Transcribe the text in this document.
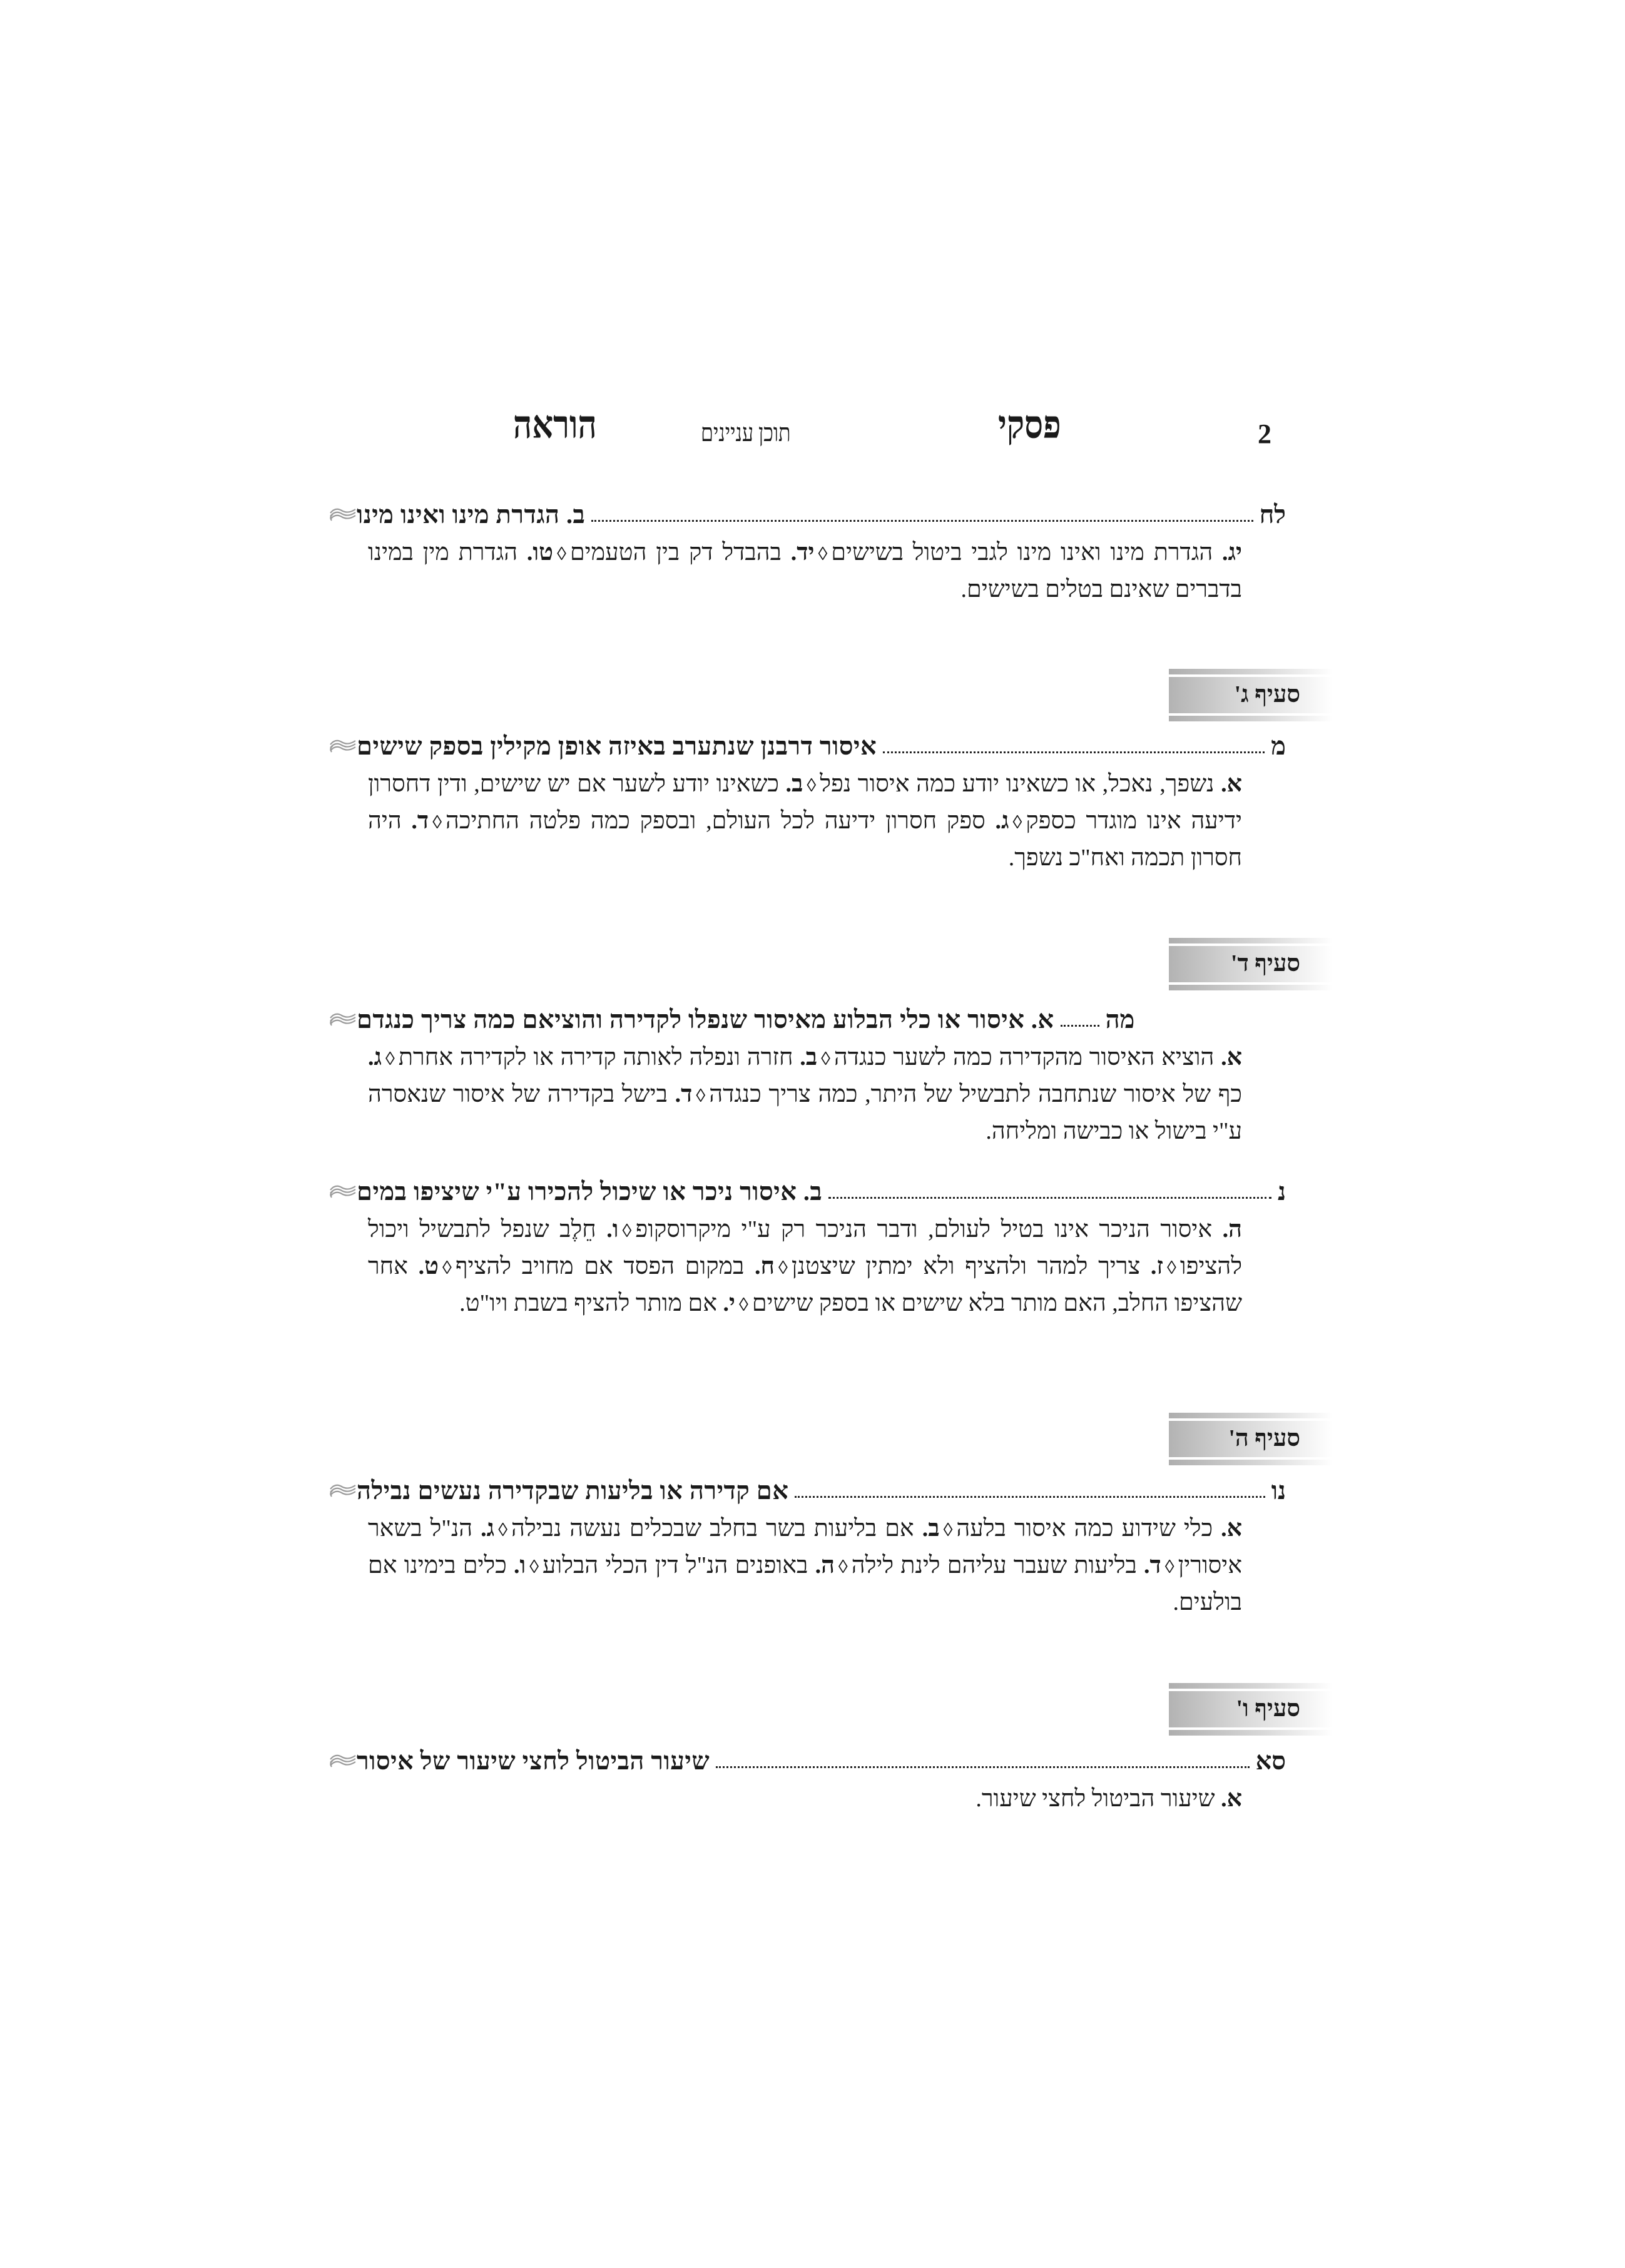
2
פסקי
תוכן עניינים
הוראה
ב. הגדרת מינו ואינו מינו	לח
יג. הגדרת מינו ואינו מינו לגבי ביטול בשישים◊יד. בהבדל דק בין הטעמים◊טו. הגדרת מין במינו בדברים שאינם בטלים בשישים.
סעיף ג'
איסור דרבנן שנתערב באיזה אופן מקילין בספק שישים	מ
א. נשפך, נאכל, או כשאינו יודע כמה איסור נפל◊ב. כשאינו יודע לשער אם יש שישים, ודין דחסרון ידיעה אינו מוגדר כספק◊ג. ספק חסרון ידיעה לכל העולם, ובספק כמה פלטה החתיכה◊ד. היה חסרון תכמה ואח"כ נשפך.
סעיף ד'
א. איסור או כלי הבלוע מאיסור שנפלו לקדירה והוציאם כמה צריך כנגדם מה
א. הוציא האיסור מהקדירה כמה לשער כנגדה◊ב. חזרה ונפלה לאותה קדירה או לקדירה אחרת◊ג. כף של איסור שנתחבה לתבשיל של היתר, כמה צריך כנגדה◊ד. בישל בקדירה של איסור שנאסרה ע"י בישול או כבישה ומליחה.
ב. איסור ניכר או שיכול להכירו ע"י שיציפו במים	נ
ה. איסור הניכר אינו בטיל לעולם, ודבר הניכר רק ע"י מיקרוסקופ◊ו. חֵלֶב שנפל לתבשיל ויכול להציפו◊ז. צריך למהר ולהציף ולא ימתין שיצטנן◊ח. במקום הפסד אם מחויב להציף◊ט. אחר שהציפו החלב, האם מותר בלא שישים או בספק שישים◊י. אם מותר להציף בשבת ויו"ט.
סעיף ה'
אם קדירה או בליעות שבקדירה נעשים נבילה	נו
א. כלי שידוע כמה איסור בלעה◊ב. אם בליעות בשר בחלב שבכלים נעשה נבילה◊ג. הנ"ל בשאר איסורין◊ד. בליעות שעבר עליהם לינת לילה◊ה. באופנים הנ"ל דין הכלי הבלוע◊ו. כלים בימינו אם בולעים.
סעיף ו'
שיעור הביטול לחצי שיעור של איסור	סא
א. שיעור הביטול לחצי שיעור.
